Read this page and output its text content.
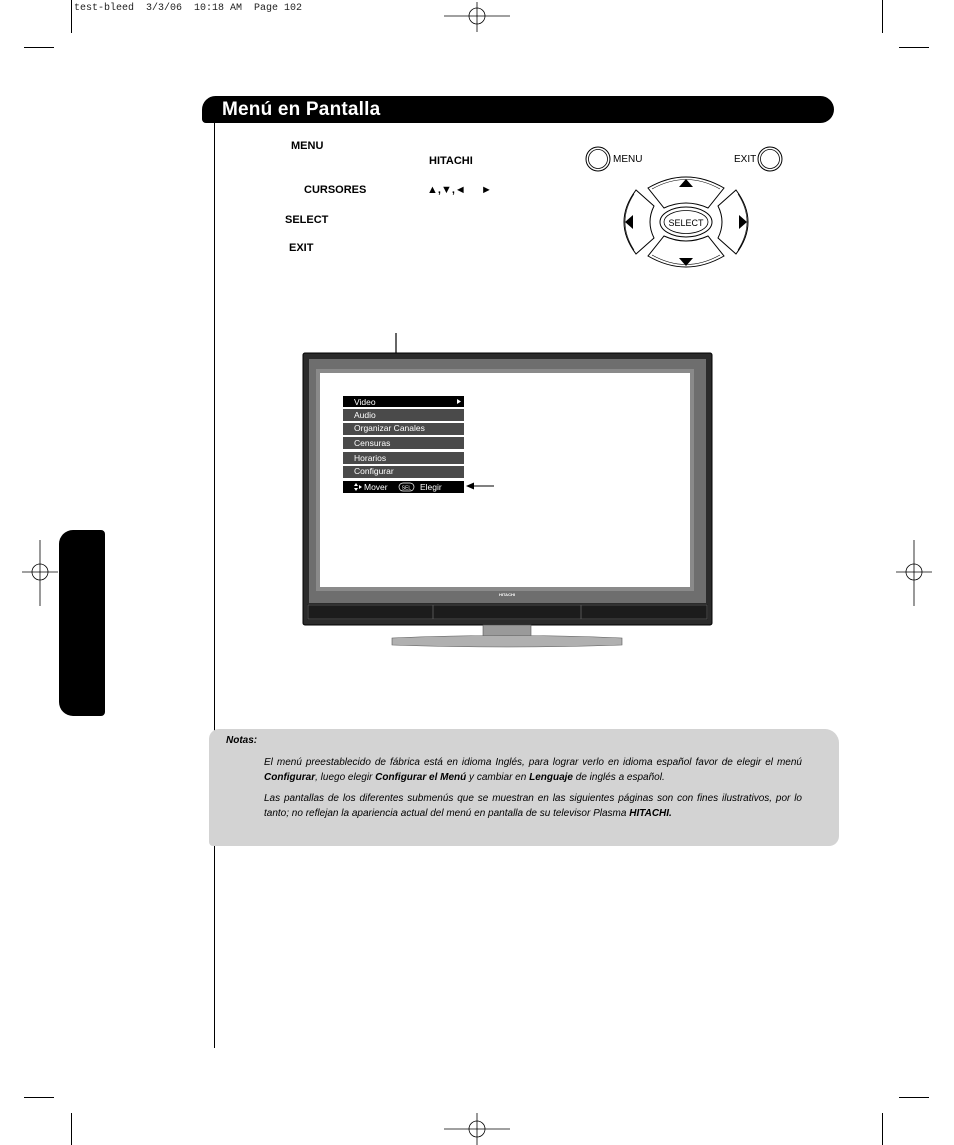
test-bleed  3/3/06  10:18 AM  Page 102
Menú en Pantalla
MENU
HITACHI
CURSORES	▲,▼,◄ ►
SELECT
EXIT
MENU	EXIT
SELECT
HITACHI
Video
Audio
Organizar Canales
Censuras
Horarios
Configurar
Mover	SEL Elegir
Notas:
El menú preestablecido de fábrica está en idioma Inglés, para lograr verlo en idioma español favor de elegir el menú Configurar, luego elegir Configurar el Menú y cambiar en Lenguaje de inglés a español.
Las pantallas de los diferentes submenús que se muestran en las siguientes páginas son con fines ilustrativos, por lo tanto; no reflejan la apariencia actual del menú en pantalla de su televisor Plasma HITACHI.
